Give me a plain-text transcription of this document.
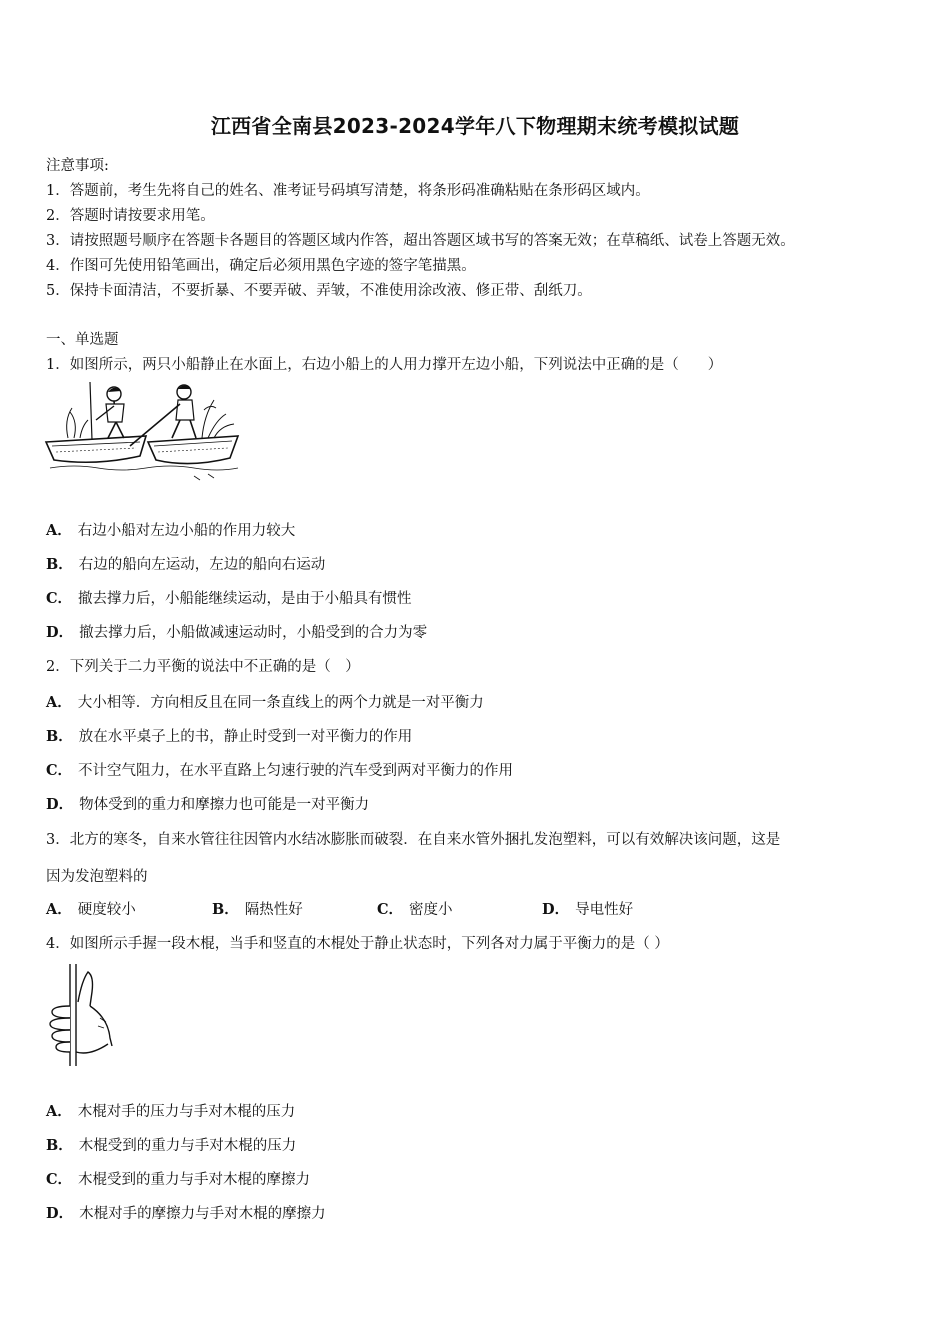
江西省全南县2023-2024学年八下物理期末统考模拟试题
注意事项:
1．答题前，考生先将自己的姓名、准考证号码填写清楚，将条形码准确粘贴在条形码区域内。
2．答题时请按要求用笔。
3．请按照题号顺序在答题卡各题目的答题区域内作答，超出答题区域书写的答案无效；在草稿纸、试卷上答题无效。
4．作图可先使用铅笔画出，确定后必须用黑色字迹的签字笔描黑。
5．保持卡面清洁，不要折暴、不要弄破、弄皱，不准使用涂改液、修正带、刮纸刀。
一、单选题
1．如图所示，两只小船静止在水面上，右边小船上的人用力撑开左边小船，下列说法中正确的是（　　）
A． 右边小船对左边小船的作用力较大
B． 右边的船向左运动，左边的船向右运动
C． 撤去撑力后，小船能继续运动，是由于小船具有惯性
D． 撤去撑力后，小船做减速运动时，小船受到的合力为零
2．下列关于二力平衡的说法中不正确的是（　）
A． 大小相等．方向相反且在同一条直线上的两个力就是一对平衡力
B． 放在水平桌子上的书，静止时受到一对平衡力的作用
C． 不计空气阻力，在水平直路上匀速行驶的汽车受到两对平衡力的作用
D． 物体受到的重力和摩擦力也可能是一对平衡力
3．北方的寒冬，自来水管往往因管内水结冰膨胀而破裂．在自来水管外捆扎发泡塑料，可以有效解决该问题，这是
因为发泡塑料的
A． 硬度较小	B． 隔热性好	C． 密度小	D． 导电性好
4．如图所示手握一段木棍，当手和竖直的木棍处于静止状态时，下列各对力属于平衡力的是（ ）
A． 木棍对手的压力与手对木棍的压力
B． 木棍受到的重力与手对木棍的压力
C． 木棍受到的重力与手对木棍的摩擦力
D． 木棍对手的摩擦力与手对木棍的摩擦力
